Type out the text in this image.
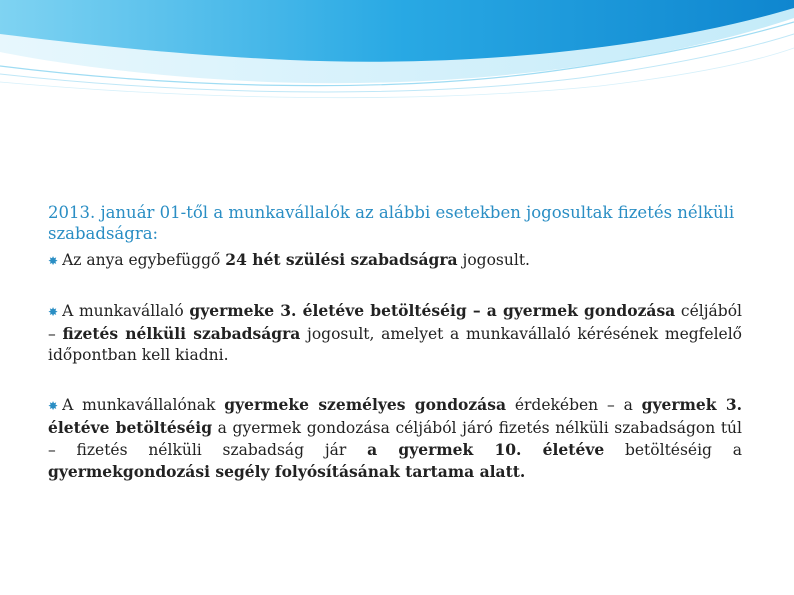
2013. január 01-től a munkavállalók az alábbi esetekben jogosultak fizetés nélküli szabadságra:

✸ Az anya egybefüggő 24 hét szülési szabadságra jogosult.

✸ A munkavállaló gyermeke 3. életéve betöltéséig – a gyermek gondozása céljából – fizetés nélküli szabadságra jogosult, amelyet a munkavállaló kérésének megfelelő időpontban kell kiadni.

✸ A munkavállalónak gyermeke személyes gondozása érdekében – a gyermek 3. életéve betöltéséig a gyermek gondozása céljából járó fizetés nélküli szabadságon túl – fizetés nélküli szabadság jár a gyermek 10. életéve betöltéséig a gyermekgondozási segély folyósításának tartama alatt.
